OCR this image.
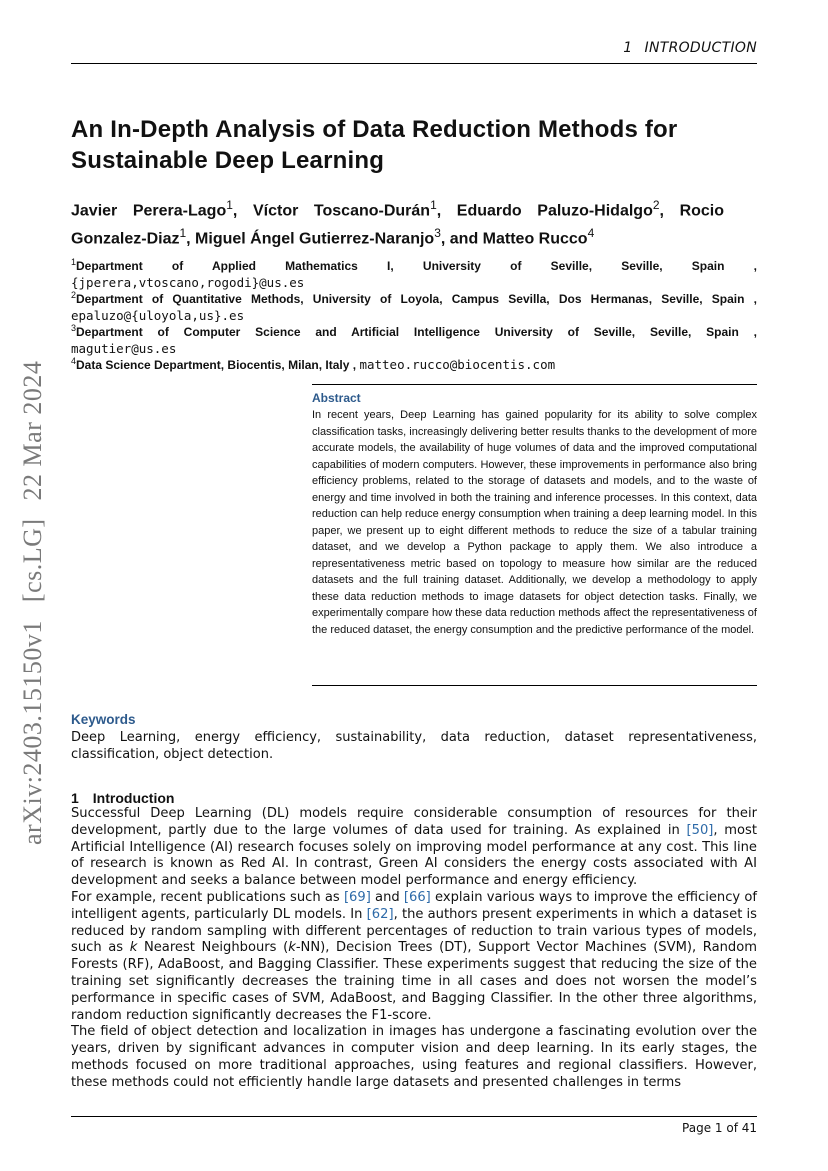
1 INTRODUCTION
arXiv:2403.15150v1[cs.LG]22 Mar 2024
An In-Depth Analysis of Data Reduction Methods for Sustainable Deep Learning
Javier Perera-Lago$^1$, Víctor Toscano-Durán$^1$, Eduardo Paluzo-Hidalgo$^2$, Rocio Gonzalez-Diaz$^1$, Miguel Ángel Gutierrez-Naranjo$^3$, and Matteo Rucco$^4$
$^1$Department of Applied Mathematics I, University of Seville, Seville, Spain ,
{jperera,vtoscano,rogodi}@us.es
$^2$Department of Quantitative Methods, University of Loyola, Campus Sevilla, Dos Hermanas, Seville, Spain ,
epaluzo@{uloyola,us}.es
$^3$Department of Computer Science and Artificial Intelligence University of Seville, Seville, Spain ,
magutier@us.es
$^4$Data Science Department, Biocentis, Milan, Italy , matteo.rucco@biocentis.com
Abstract

In recent years, Deep Learning has gained popularity for its ability to solve complex classification tasks, increasingly delivering better results thanks to the development of more accurate models, the availability of huge volumes of data and the improved computational capabilities of modern computers. However, these improvements in performance also bring efficiency problems, related to the storage of datasets and models, and to the waste of energy and time involved in both the training and inference processes. In this context, data reduction can help reduce energy consumption when training a deep learning model. In this paper, we present up to eight different methods to reduce the size of a tabular training dataset, and we develop a Python package to apply them. We also introduce a representativeness metric based on topology to measure how similar are the reduced datasets and the full training dataset. Additionally, we develop a methodology to apply these data reduction methods to image datasets for object detection tasks. Finally, we experimentally compare how these data reduction methods affect the representativeness of the reduced dataset, the energy consumption and the predictive performance of the model.

Keywords

Deep Learning, energy efficiency, sustainability, data reduction, dataset representativeness, classification, object detection.

1 Introduction

Successful Deep Learning (DL) models require considerable consumption of resources for their development, partly due to the large volumes of data used for training. As explained in [50], most Artificial Intelligence (AI) research focuses solely on improving model performance at any cost. This line of research is known as Red AI. In contrast, Green AI considers the energy costs associated with AI development and seeks a balance between model performance and energy efficiency.

For example, recent publications such as [69] and [66] explain various ways to improve the efficiency of intelligent agents, particularly DL models. In [62], the authors present experiments in which a dataset is reduced by random sampling with different percentages of reduction to train various types of models, such as k Nearest Neighbours (k-NN), Decision Trees (DT), Support Vector Machines (SVM), Random Forests (RF), AdaBoost, and Bagging Classifier. These experiments suggest that reducing the size of the training set significantly decreases the training time in all cases and does not worsen the model’s performance in specific cases of SVM, AdaBoost, and Bagging Classifier. In the other three algorithms, random reduction significantly decreases the F1-score.

The field of object detection and localization in images has undergone a fascinating evolution over the years, driven by significant advances in computer vision and deep learning. In its early stages, the methods focused on more traditional approaches, using features and regional classifiers. However, these methods could not efficiently handle large datasets and presented challenges in terms

Page 1 of 41
